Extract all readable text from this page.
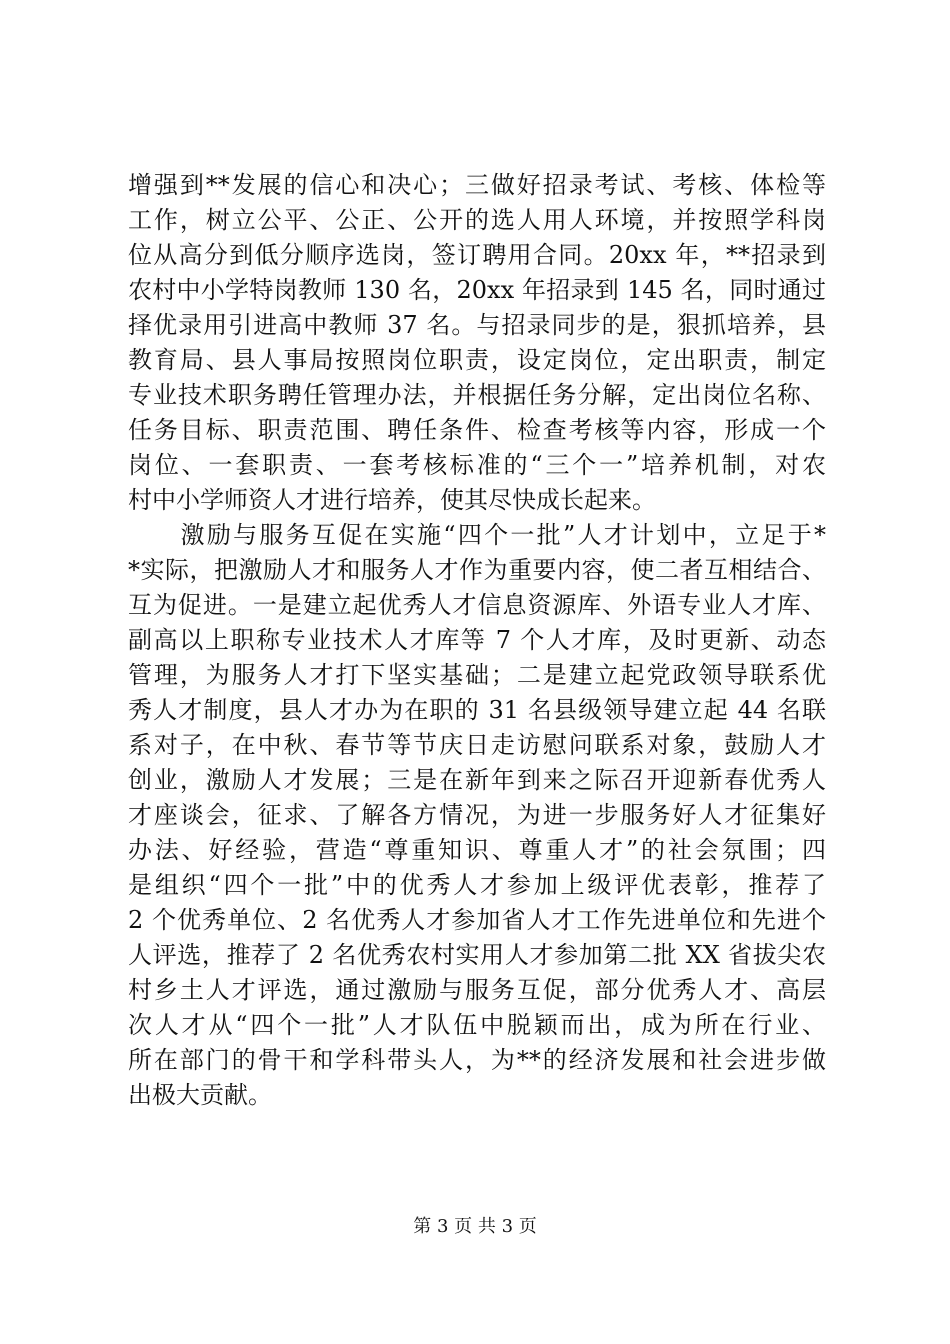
增强到**发展的信心和决心；三做好招录考试、考核、体检等
工作，树立公平、公正、公开的选人用人环境，并按照学科岗
位从高分到低分顺序选岗，签订聘用合同。20xx 年，**招录到
农村中小学特岗教师 130 名，20xx 年招录到 145 名，同时通过
择优录用引进高中教师 37 名。与招录同步的是，狠抓培养，县
教育局、县人事局按照岗位职责，设定岗位，定出职责，制定
专业技术职务聘任管理办法，并根据任务分解，定出岗位名称、
任务目标、职责范围、聘任条件、检查考核等内容，形成一个
岗位、一套职责、一套考核标准的“三个一”培养机制，对农
村中小学师资人才进行培养，使其尽快成长起来。
　　激励与服务互促在实施“四个一批”人才计划中，立足于*
*实际，把激励人才和服务人才作为重要内容，使二者互相结合、
互为促进。一是建立起优秀人才信息资源库、外语专业人才库、
副高以上职称专业技术人才库等 7 个人才库，及时更新、动态
管理，为服务人才打下坚实基础；二是建立起党政领导联系优
秀人才制度，县人才办为在职的 31 名县级领导建立起 44 名联
系对子，在中秋、春节等节庆日走访慰问联系对象，鼓励人才
创业，激励人才发展；三是在新年到来之际召开迎新春优秀人
才座谈会，征求、了解各方情况，为进一步服务好人才征集好
办法、好经验，营造“尊重知识、尊重人才”的社会氛围；四
是组织“四个一批”中的优秀人才参加上级评优表彰，推荐了
2 个优秀单位、2 名优秀人才参加省人才工作先进单位和先进个
人评选，推荐了 2 名优秀农村实用人才参加第二批 XX 省拔尖农
村乡土人才评选，通过激励与服务互促，部分优秀人才、高层
次人才从“四个一批”人才队伍中脱颖而出，成为所在行业、
所在部门的骨干和学科带头人，为**的经济发展和社会进步做
出极大贡献。
第 3 页 共 3 页
